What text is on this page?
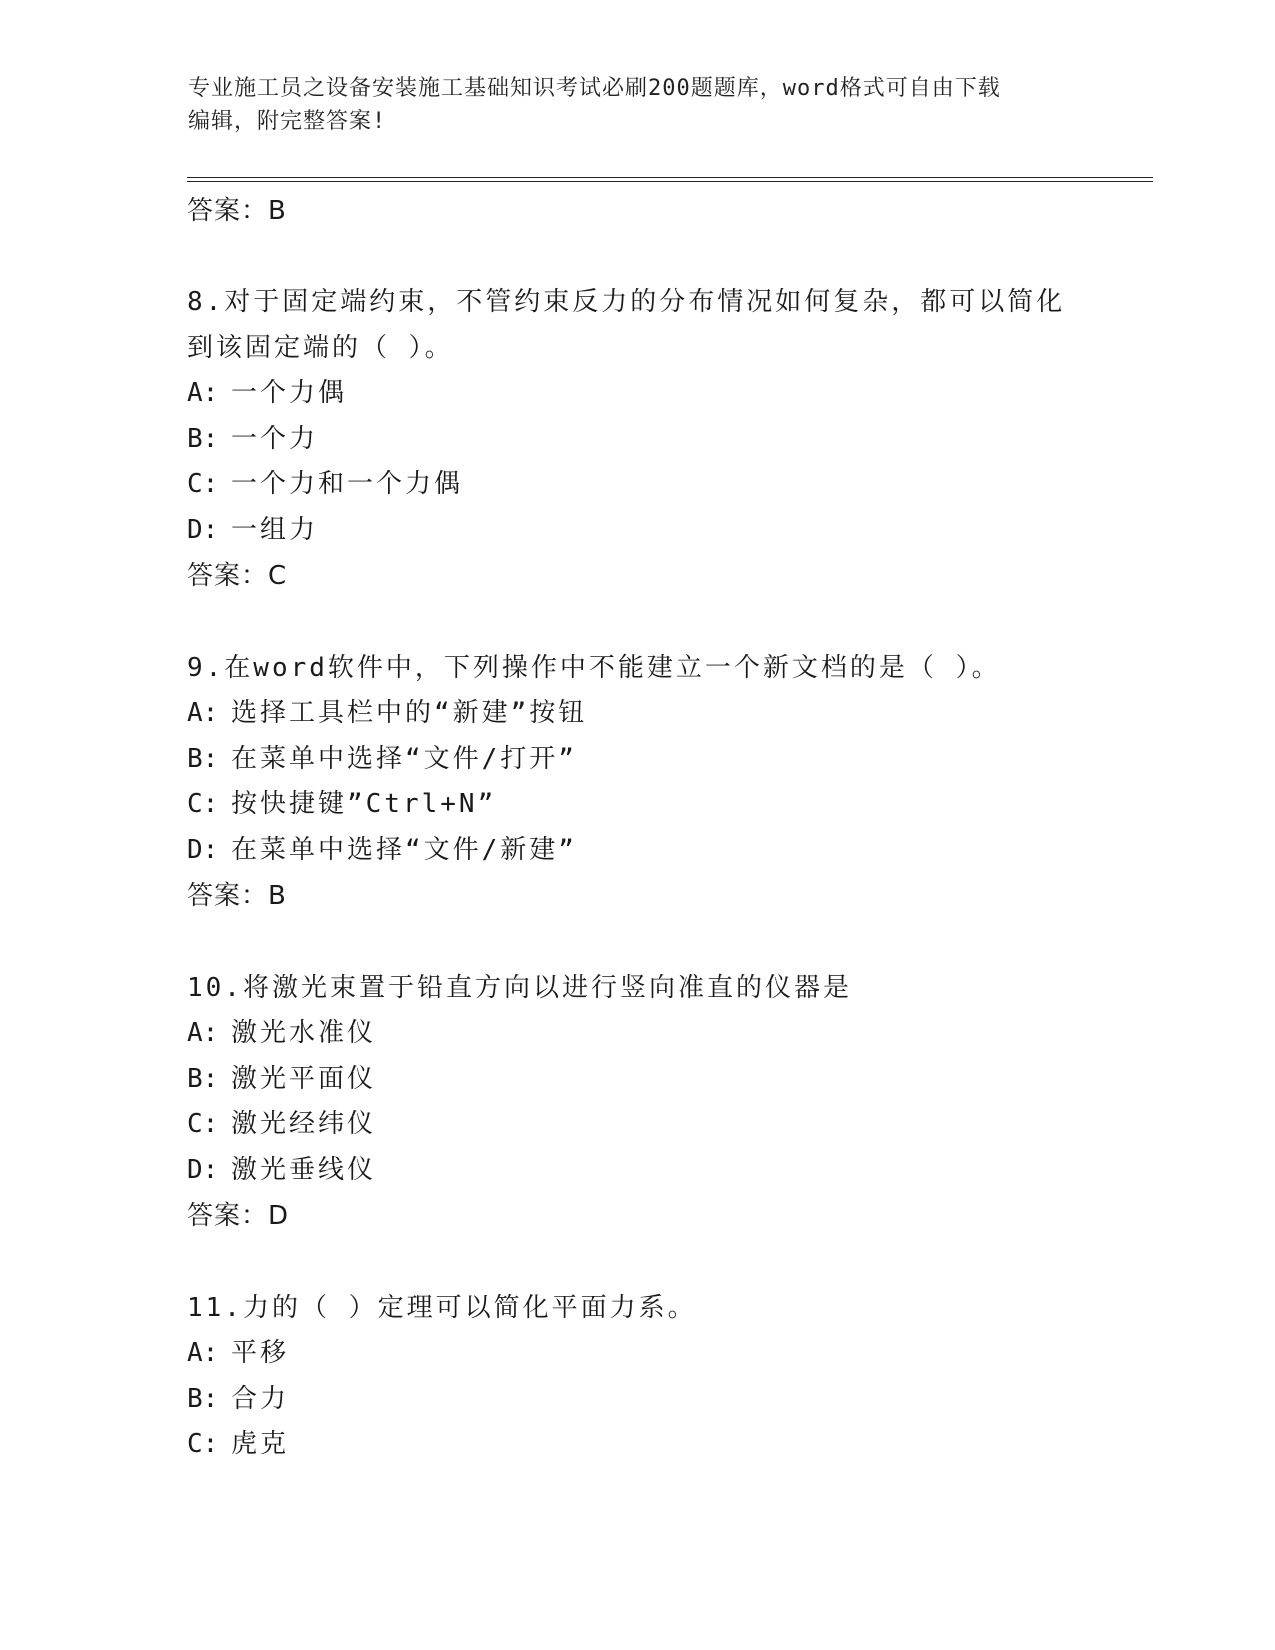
专业施工员之设备安装施工基础知识考试必刷200题题库，word格式可自由下载
编辑，附完整答案!
答案：B
8.对于固定端约束，不管约束反力的分布情况如何复杂，都可以简化
到该固定端的（ ）。
A: 一个力偶
B: 一个力
C: 一个力和一个力偶
D: 一组力
答案：C
9.在word软件中，下列操作中不能建立一个新文档的是（ ）。
A: 选择工具栏中的“新建”按钮
B: 在菜单中选择“文件/打开”
C: 按快捷键”Ctrl+N”
D: 在菜单中选择“文件/新建”
答案：B
10.将激光束置于铅直方向以进行竖向准直的仪器是
A: 激光水准仪
B: 激光平面仪
C: 激光经纬仪
D: 激光垂线仪
答案：D
11.力的（ ）定理可以简化平面力系。
A: 平移
B: 合力
C: 虎克
